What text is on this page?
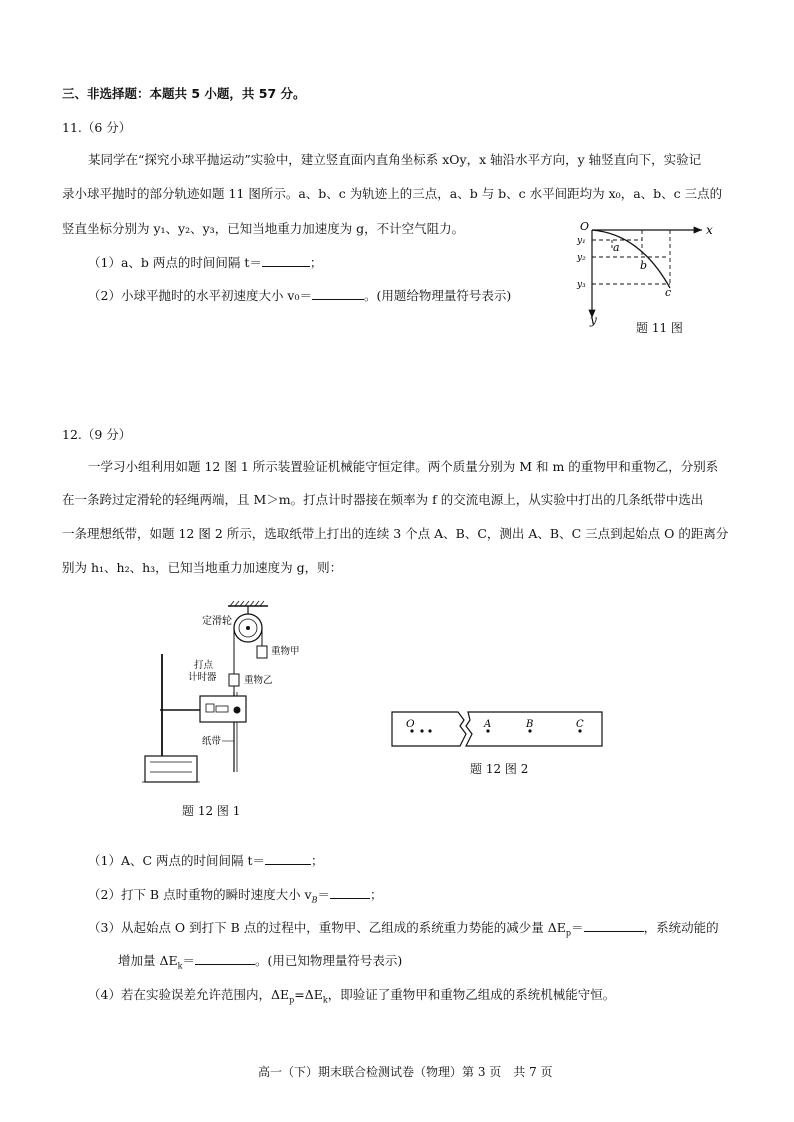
三、非选择题：本题共 5 小题，共 57 分。
11.（6 分）
某同学在“探究小球平抛运动”实验中，建立竖直面内直角坐标系 xOy，x 轴沿水平方向，y 轴竖直向下，实验记
录小球平抛时的部分轨迹如题 11 图所示。a、b、c 为轨迹上的三点，a、b 与 b、c 水平间距均为 x₀，a、b、c 三点的
竖直坐标分别为 y₁、y₂、y₃，已知当地重力加速度为 g，不计空气阻力。
（1）a、b 两点的时间间隔 t＝	；
（2）小球平抛时的水平初速度大小 v₀＝	。(用题给物理量符号表示)
O	x
y
y₁
y₂
y₃
a
b
c
题 11 图
12.（9 分）
一学习小组利用如题 12 图 1 所示装置验证机械能守恒定律。两个质量分别为 M 和 m 的重物甲和重物乙，分别系
在一条跨过定滑轮的轻绳两端，且 M＞m。打点计时器接在频率为 f 的交流电源上，从实验中打出的几条纸带中选出
一条理想纸带，如题 12 图 2 所示，选取纸带上打出的连续 3 个点 A、B、C，测出 A、B、C 三点到起始点 O 的距离分
别为 h₁、h₂、h₃，已知当地重力加速度为 g，则：
定滑轮
重物甲
打点
计时器	重物乙
纸带
题 12 图 1
O	A	B	C
题 12 图 2
（1）A、C 两点的时间间隔 t＝	；
（2）打下 B 点时重物的瞬时速度大小 $v_B=$	；
（3）从起始点 O 到打下 B 点的过程中，重物甲、乙组成的系统重力势能的减少量 $\Delta E_p=$	，系统动能的
增加量 $\Delta E_k=$	。(用已知物理量符号表示)
（4）若在实验误差允许范围内，$\Delta E_p=\Delta E_k$，即验证了重物甲和重物乙组成的系统机械能守恒。
高一（下）期末联合检测试卷（物理）第 3 页　共 7 页
